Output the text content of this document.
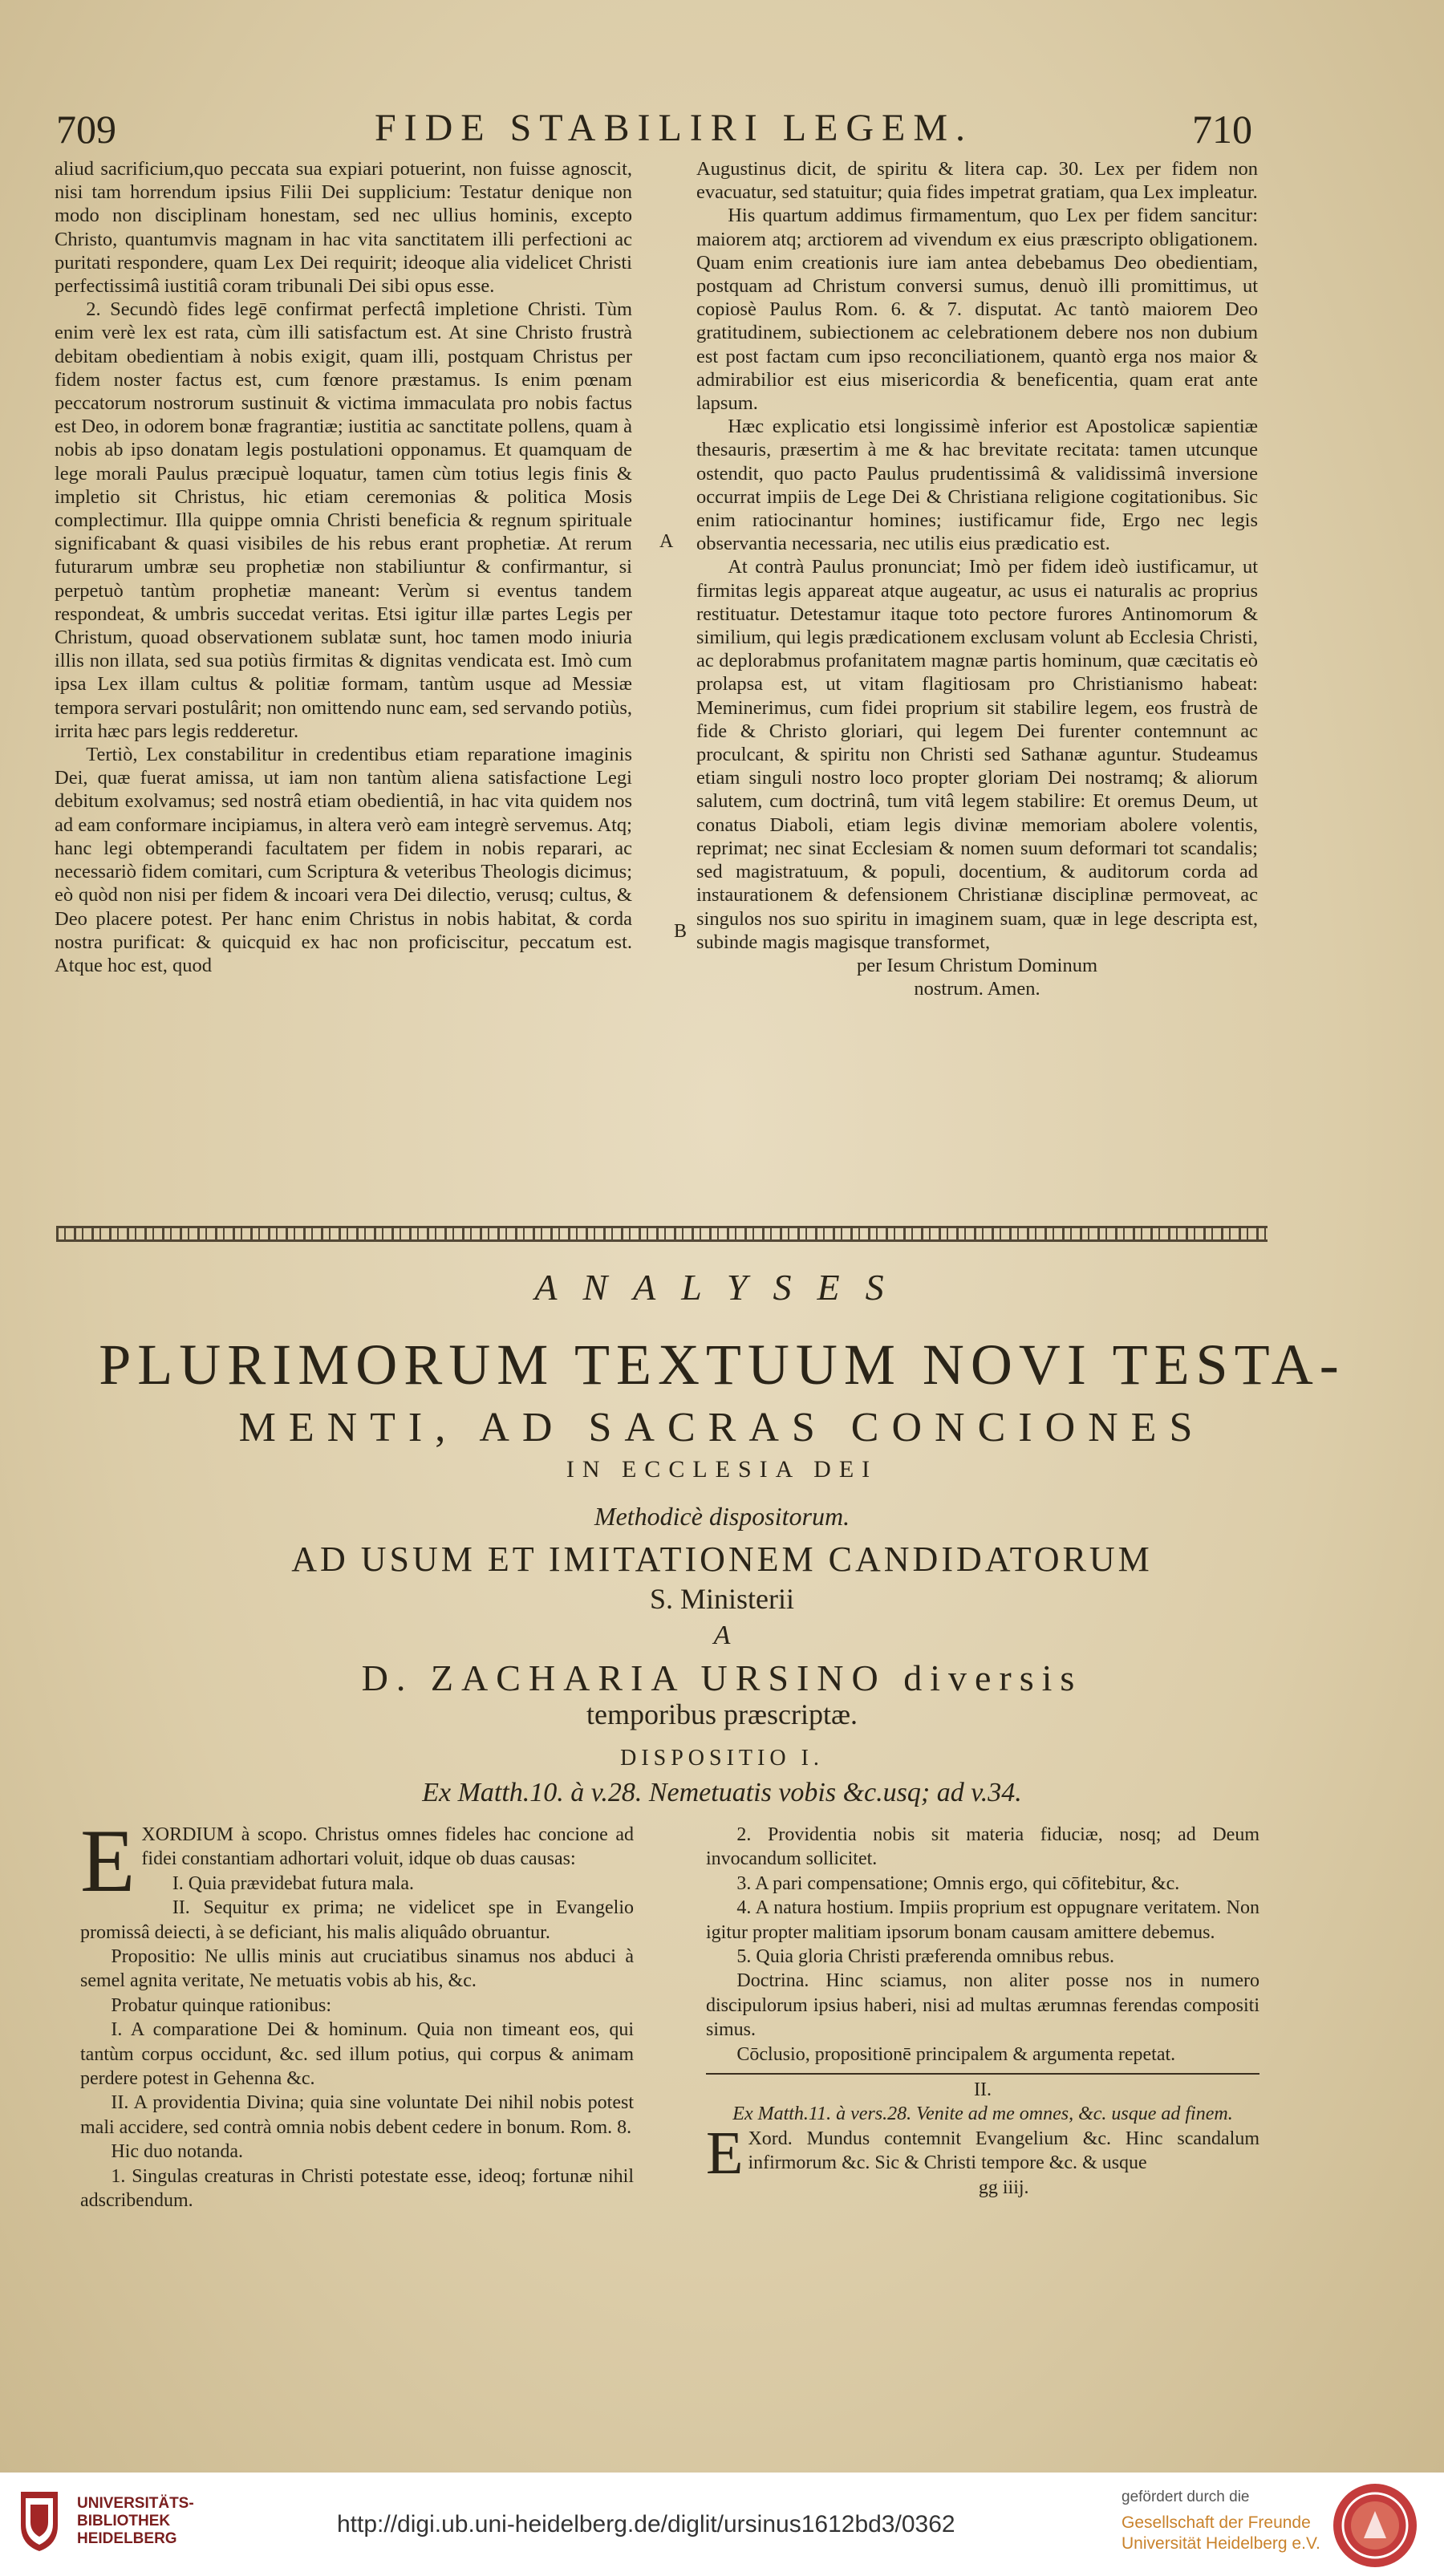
709	FIDE STABILIRI LEGEM.	710

aliud sacrificium,quo peccata sua expiari potuerint, non fuisse agnoscit, nisi tam horrendum ipsius Filii Dei supplicium: Testatur denique non modo non disciplinam honestam, sed nec ullius hominis, excepto Christo, quantumvis magnam in hac vita sanctitatem illi perfectioni ac puritati respondere, quam Lex Dei requirit; ideoque alia videlicet Christi perfectissimâ iustitiâ coram tribunali Dei sibi opus esse.

2. Secundò fides legē confirmat perfectâ impletione Christi. Tùm enim verè lex est rata, cùm illi satisfactum est. At sine Christo frustrà debitam obedientiam à nobis exigit, quam illi, postquam Christus per fidem noster factus est, cum fœnore præstamus. Is enim pœnam peccatorum nostrorum sustinuit & victima immaculata pro nobis factus est Deo, in odorem bonæ fragrantiæ; iustitia ac sanctitate pollens, quam à nobis ab ipso donatam legis postulationi opponamus. Et quamquam de lege morali Paulus præcipuè loquatur, tamen cùm totius legis finis & impletio sit Christus, hic etiam ceremonias & politica Mosis complectimur. Illa quippe omnia Christi beneficia & regnum spirituale significabant & quasi visibiles de his rebus erant prophetiæ. At rerum futurarum umbræ seu prophetiæ non stabiliuntur & confirmantur, si perpetuò tantùm prophetiæ maneant: Verùm si eventus tandem respondeat, & umbris succedat veritas. Etsi igitur illæ partes Legis per Christum, quoad observationem sublatæ sunt, hoc tamen modo iniuria illis non illata, sed sua potiùs firmitas & dignitas vendicata est. Imò cum ipsa Lex illam cultus & politiæ formam, tantùm usque ad Messiæ tempora servari postulârit; non omittendo nunc eam, sed servando potiùs, irrita hæc pars legis redderetur.

Tertiò, Lex constabilitur in credentibus etiam reparatione imaginis Dei, quæ fuerat amissa, ut iam non tantùm aliena satisfactione Legi debitum exolvamus; sed nostrâ etiam obedientiâ, in hac vita quidem nos ad eam conformare incipiamus, in altera verò eam integrè servemus. Atq; hanc legi obtemperandi facultatem per fidem in nobis reparari, ac necessariò fidem comitari, cum Scriptura & veteribus Theologis dicimus; eò quòd non nisi per fidem & incoari vera Dei dilectio, verusq; cultus, & Deo placere potest. Per hanc enim Christus in nobis habitat, & corda nostra purificat: & quicquid ex hac non proficiscitur, peccatum est. Atque hoc est, quod

A
B

Augustinus dicit, de spiritu & litera cap. 30. Lex per fidem non evacuatur, sed statuitur; quia fides impetrat gratiam, qua Lex impleatur.

His quartum addimus firmamentum, quo Lex per fidem sancitur: maiorem atq; arctiorem ad vivendum ex eius præscripto obligationem. Quam enim creationis iure iam antea debebamus Deo obedientiam, postquam ad Christum conversi sumus, denuò illi promittimus, ut copiosè Paulus Rom. 6. & 7. disputat. Ac tantò maiorem Deo gratitudinem, subiectionem ac celebrationem debere nos non dubium est post factam cum ipso reconciliationem, quantò erga nos maior & admirabilior est eius misericordia & beneficentia, quam erat ante lapsum.

Hæc explicatio etsi longissimè inferior est Apostolicæ sapientiæ thesauris, præsertim à me & hac brevitate recitata: tamen utcunque ostendit, quo pacto Paulus prudentissimâ & validissimâ inversione occurrat impiis de Lege Dei & Christiana religione cogitationibus. Sic enim ratiocinantur homines; iustificamur fide, Ergo nec legis observantia necessaria, nec utilis eius prædicatio est.

At contrà Paulus pronunciat; Imò per fidem ideò iustificamur, ut firmitas legis appareat atque augeatur, ac usus ei naturalis ac proprius restituatur. Detestamur itaque toto pectore furores Antinomorum & similium, qui legis prædicationem exclusam volunt ab Ecclesia Christi, ac deplorabmus profanitatem magnæ partis hominum, quæ cæcitatis eò prolapsa est, ut vitam flagitiosam pro Christianismo habeat: Meminerimus, cum fidei proprium sit stabilire legem, eos frustrà de fide & Christo gloriari, qui legem Dei furenter contemnunt ac proculcant, & spiritu non Christi sed Sathanæ aguntur. Studeamus etiam singuli nostro loco propter gloriam Dei nostramq; & aliorum salutem, cum doctrinâ, tum vitâ legem stabilire: Et oremus Deum, ut conatus Diaboli, etiam legis divinæ memoriam abolere volentis, reprimat; nec sinat Ecclesiam & nomen suum deformari tot scandalis; sed magistratuum, & populi, docentium, & auditorum corda ad instaurationem & defensionem Christianæ disciplinæ permoveat, ac singulos nos suo spiritu in imaginem suam, quæ in lege descripta est, subinde magis magisque transformet,

per Iesum Christum Dominum

nostrum. Amen.

ANALYSES
PLURIMORUM TEXTUUM NOVI TESTA-
MENTI, AD SACRAS CONCIONES
IN ECCLESIA DEI
Methodicè dispositorum.
AD USUM ET IMITATIONEM CANDIDATORUM
S. Ministerii
A
D. ZACHARIA URSINO diversis
temporibus præscriptæ.
DISPOSITIO I.
Ex Matth.10. à v.28. Nemetuatis vobis &c.usq; ad v.34.

EXORDIUM à scopo. Christus omnes fideles hac concione ad fidei constantiam adhortari voluit, idque ob duas causas:

I. Quia prævidebat futura mala.

II. Sequitur ex prima; ne videlicet spe in Evangelio promissâ deiecti, à se deficiant, his malis aliquâdo obruantur.

Propositio: Ne ullis minis aut cruciatibus sinamus nos abduci à semel agnita veritate, Ne metuatis vobis ab his, &c.

Probatur quinque rationibus:

I. A comparatione Dei & hominum. Quia non timeant eos, qui tantùm corpus occidunt, &c. sed illum potius, qui corpus & animam perdere potest in Gehenna &c.

II. A providentia Divina; quia sine voluntate Dei nihil nobis potest mali accidere, sed contrà omnia nobis debent cedere in bonum. Rom. 8.

Hic duo notanda.

1. Singulas creaturas in Christi potestate esse, ideoq; fortunæ nihil adscribendum.

2. Providentia nobis sit materia fiduciæ, nosq; ad Deum invocandum sollicitet.

3. A pari compensatione; Omnis ergo, qui cōfitebitur, &c.

4. A natura hostium. Impiis proprium est oppugnare veritatem. Non igitur propter malitiam ipsorum bonam causam amittere debemus.

5. Quia gloria Christi præferenda omnibus rebus.

Doctrina. Hinc sciamus, non aliter posse nos in numero discipulorum ipsius haberi, nisi ad multas ærumnas ferendas compositi simus.

Cōclusio, propositionē principalem & argumenta repetat.

II.

Ex Matth.11. à vers.28. Venite ad me omnes, &c. usque ad finem.

E Xord. Mundus contemnit Evangelium &c. Hinc scandalum infirmorum &c. Sic & Christi tempore &c. & usque

gg iiij.

UNIVERSITÄTS-
BIBLIOTHEK
HEIDELBERG
http://digi.ub.uni-heidelberg.de/diglit/ursinus1612bd3/0362
gefördert durch die
Gesellschaft der Freunde
Universität Heidelberg e.V.
